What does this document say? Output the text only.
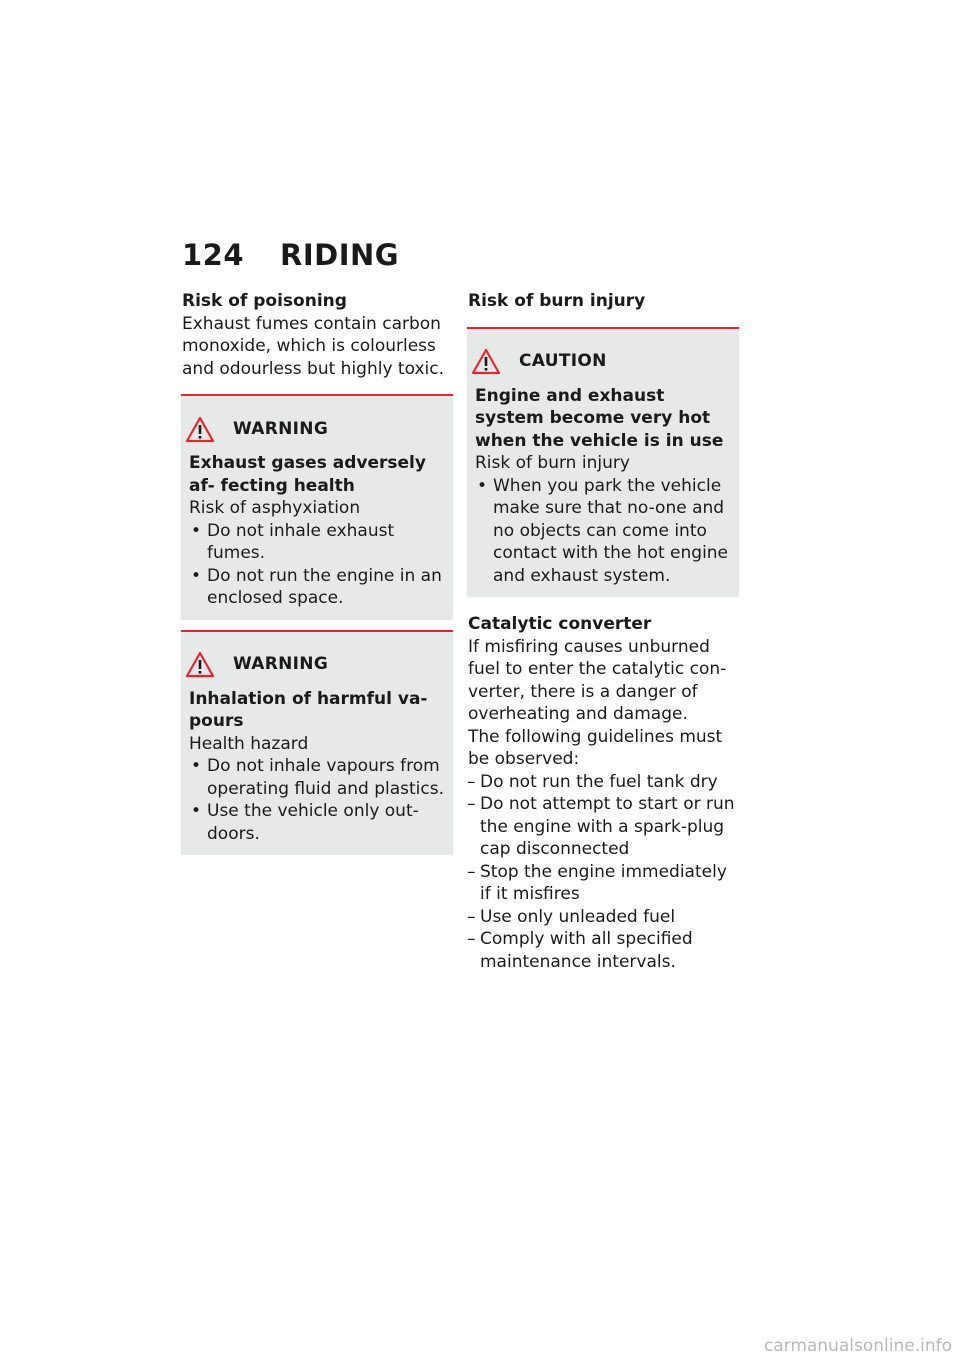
124 RIDING

Risk of poisoning

Exhaust fumes contain carbon monoxide, which is colourless and odourless but highly toxic.

WARNING

Exhaust gases adversely af- fecting health

Risk of asphyxiation

• Do not inhale exhaust fumes.
• Do not run the engine in an enclosed space.
WARNING

Inhalation of harmful va- pours

Health hazard

• Do not inhale vapours from operating fluid and plastics.
• Use the vehicle only out- doors.

Risk of burn injury

CAUTION

Engine and exhaust system become very hot when the vehicle is in use

Risk of burn injury

• When you park the vehicle make sure that no-one and no objects can come into contact with the hot engine and exhaust system.

Catalytic converter

If misfiring causes unburned fuel to enter the catalytic con- verter, there is a danger of overheating and damage.

The following guidelines must be observed:

– Do not run the fuel tank dry
– Do not attempt to start or run the engine with a spark-plug cap disconnected
– Stop the engine immediately if it misfires
– Use only unleaded fuel
– Comply with all specified maintenance intervals.
carmanualsonline.info
